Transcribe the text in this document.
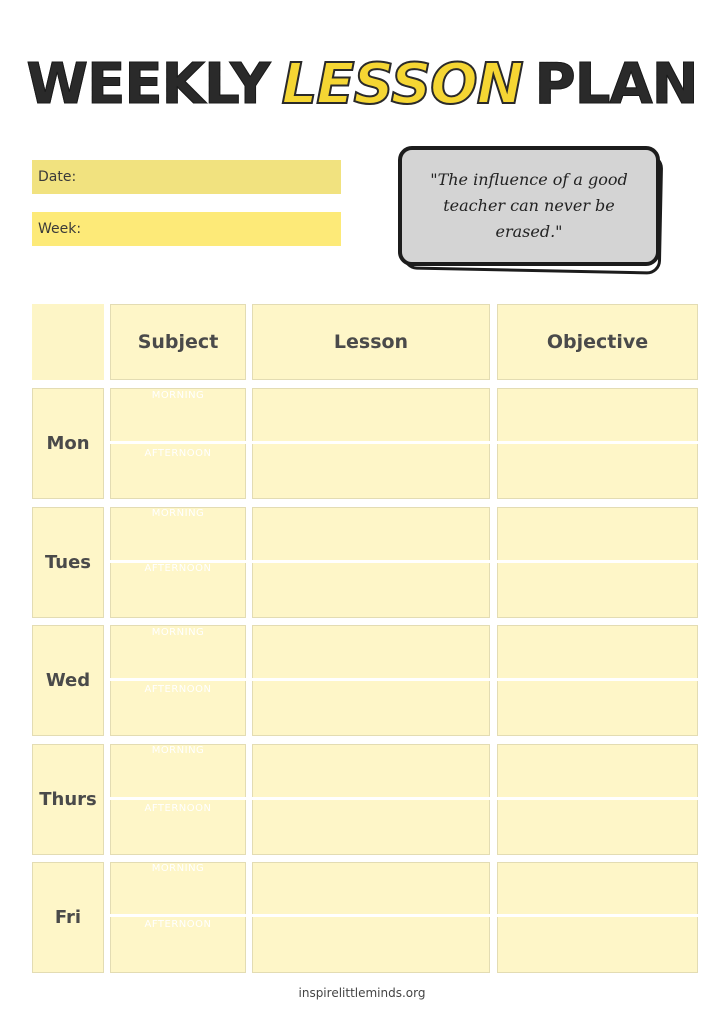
WEEKLY LESSON PLAN
Date:
Week:
"The influence of a good teacher can never be erased."
Subject	Lesson	Objective
Mon
MORNING
AFTERNOON
Tues
MORNING
AFTERNOON
Wed
MORNING
AFTERNOON
Thurs
MORNING
AFTERNOON
Fri
MORNING
AFTERNOON
inspirelittleminds.org
